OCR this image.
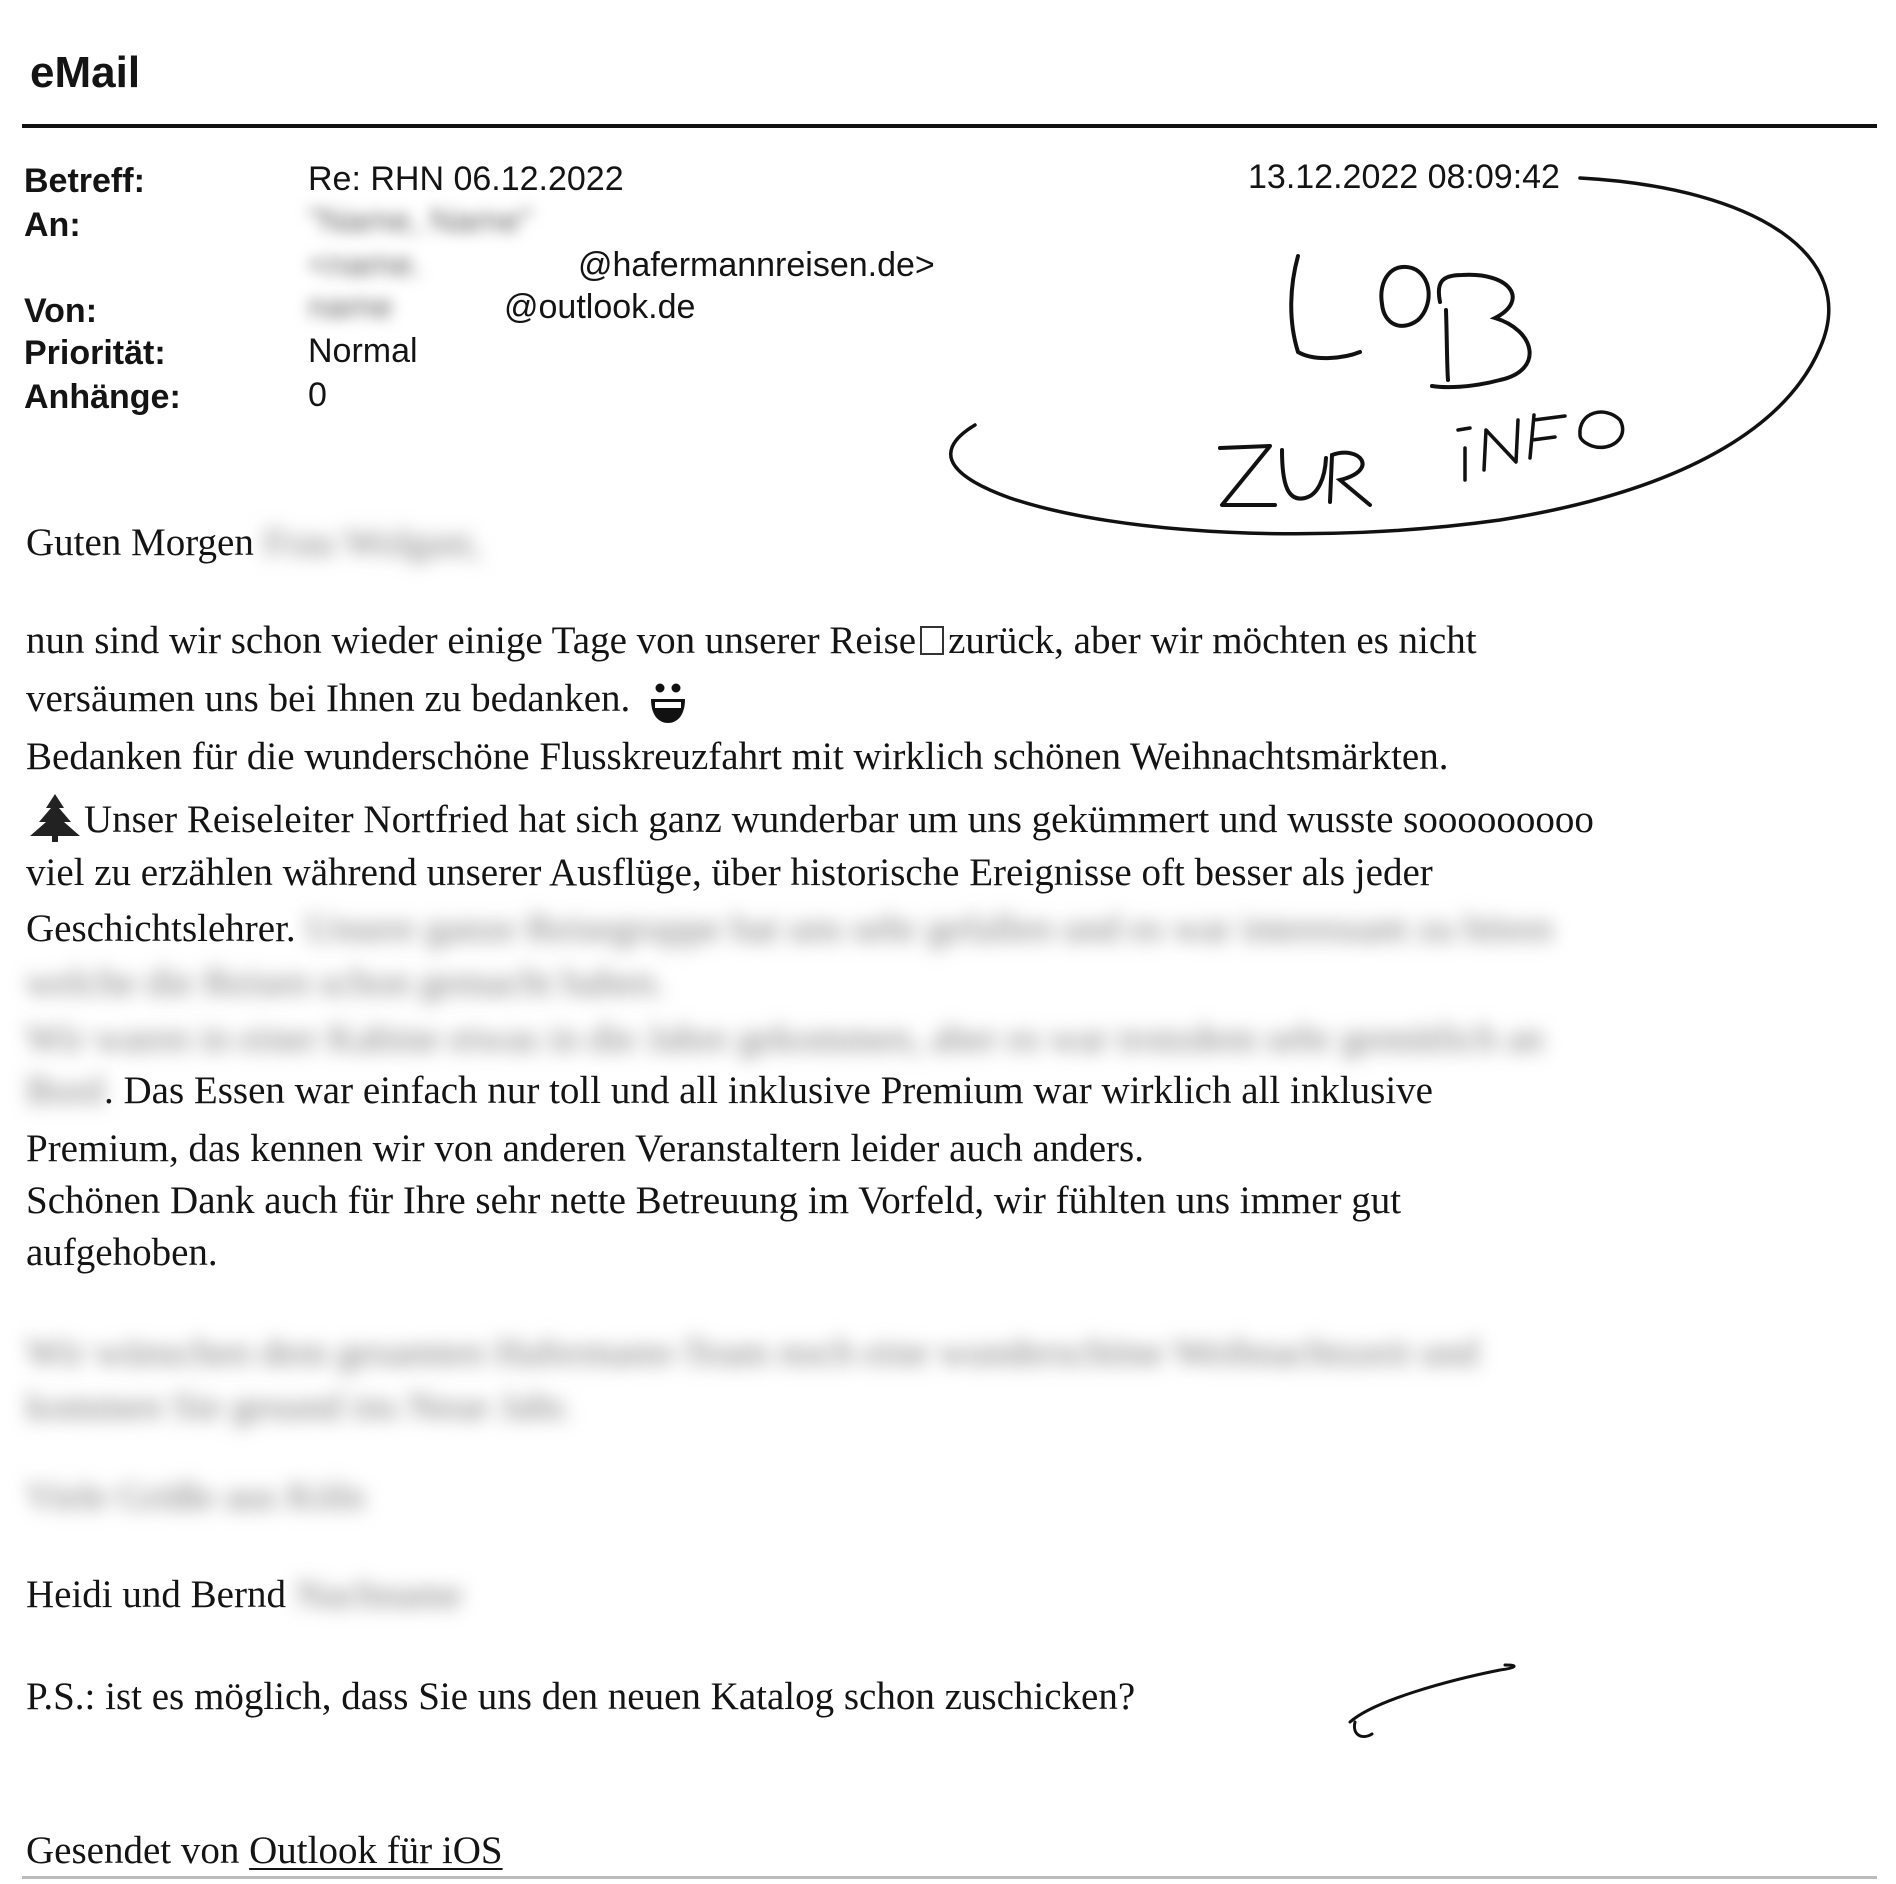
eMail
Betreff:	Re: RHN 06.12.2022	13.12.2022 08:09:42
An:	"Name, Name"
<name.	@hafermannreisen.de>
Von:	name	@outlook.de
Priorität:	Normal
Anhänge:	0
Guten Morgen Frau Wolgast,
nun sind wir schon wieder einige Tage von unserer Reise zurück, aber wir möchten es nicht
versäumen uns bei Ihnen zu bedanken.
Bedanken für die wunderschöne Flusskreuzfahrt mit wirklich schönen Weihnachtsmärkten.
Unser Reiseleiter Nortfried hat sich ganz wunderbar um uns gekümmert und wusste sooooooooo
viel zu erzählen während unserer Ausflüge, über historische Ereignisse oft besser als jeder
Geschichtslehrer. Unsere ganze Reisegruppe hat uns sehr gefallen und es war interessant zu hören
welche die Reisen schon gemacht haben.
Wir waren in einer Kabine etwas in die Jahre gekommen, aber es war trotzdem sehr gemütlich an
Bord. Das Essen war einfach nur toll und all inklusive Premium war wirklich all inklusive
Premium, das kennen wir von anderen Veranstaltern leider auch anders.
Schönen Dank auch für Ihre sehr nette Betreuung im Vorfeld, wir fühlten uns immer gut
aufgehoben.
Wir wünschen dem gesamten Hafermann-Team noch eine wunderschöne Weihnachtszeit und
kommen Sie gesund ins Neue Jahr.
Viele Grüße aus Köln
Heidi und Bernd Nachname
P.S.: ist es möglich, dass Sie uns den neuen Katalog schon zuschicken?
Gesendet von Outlook für iOS
